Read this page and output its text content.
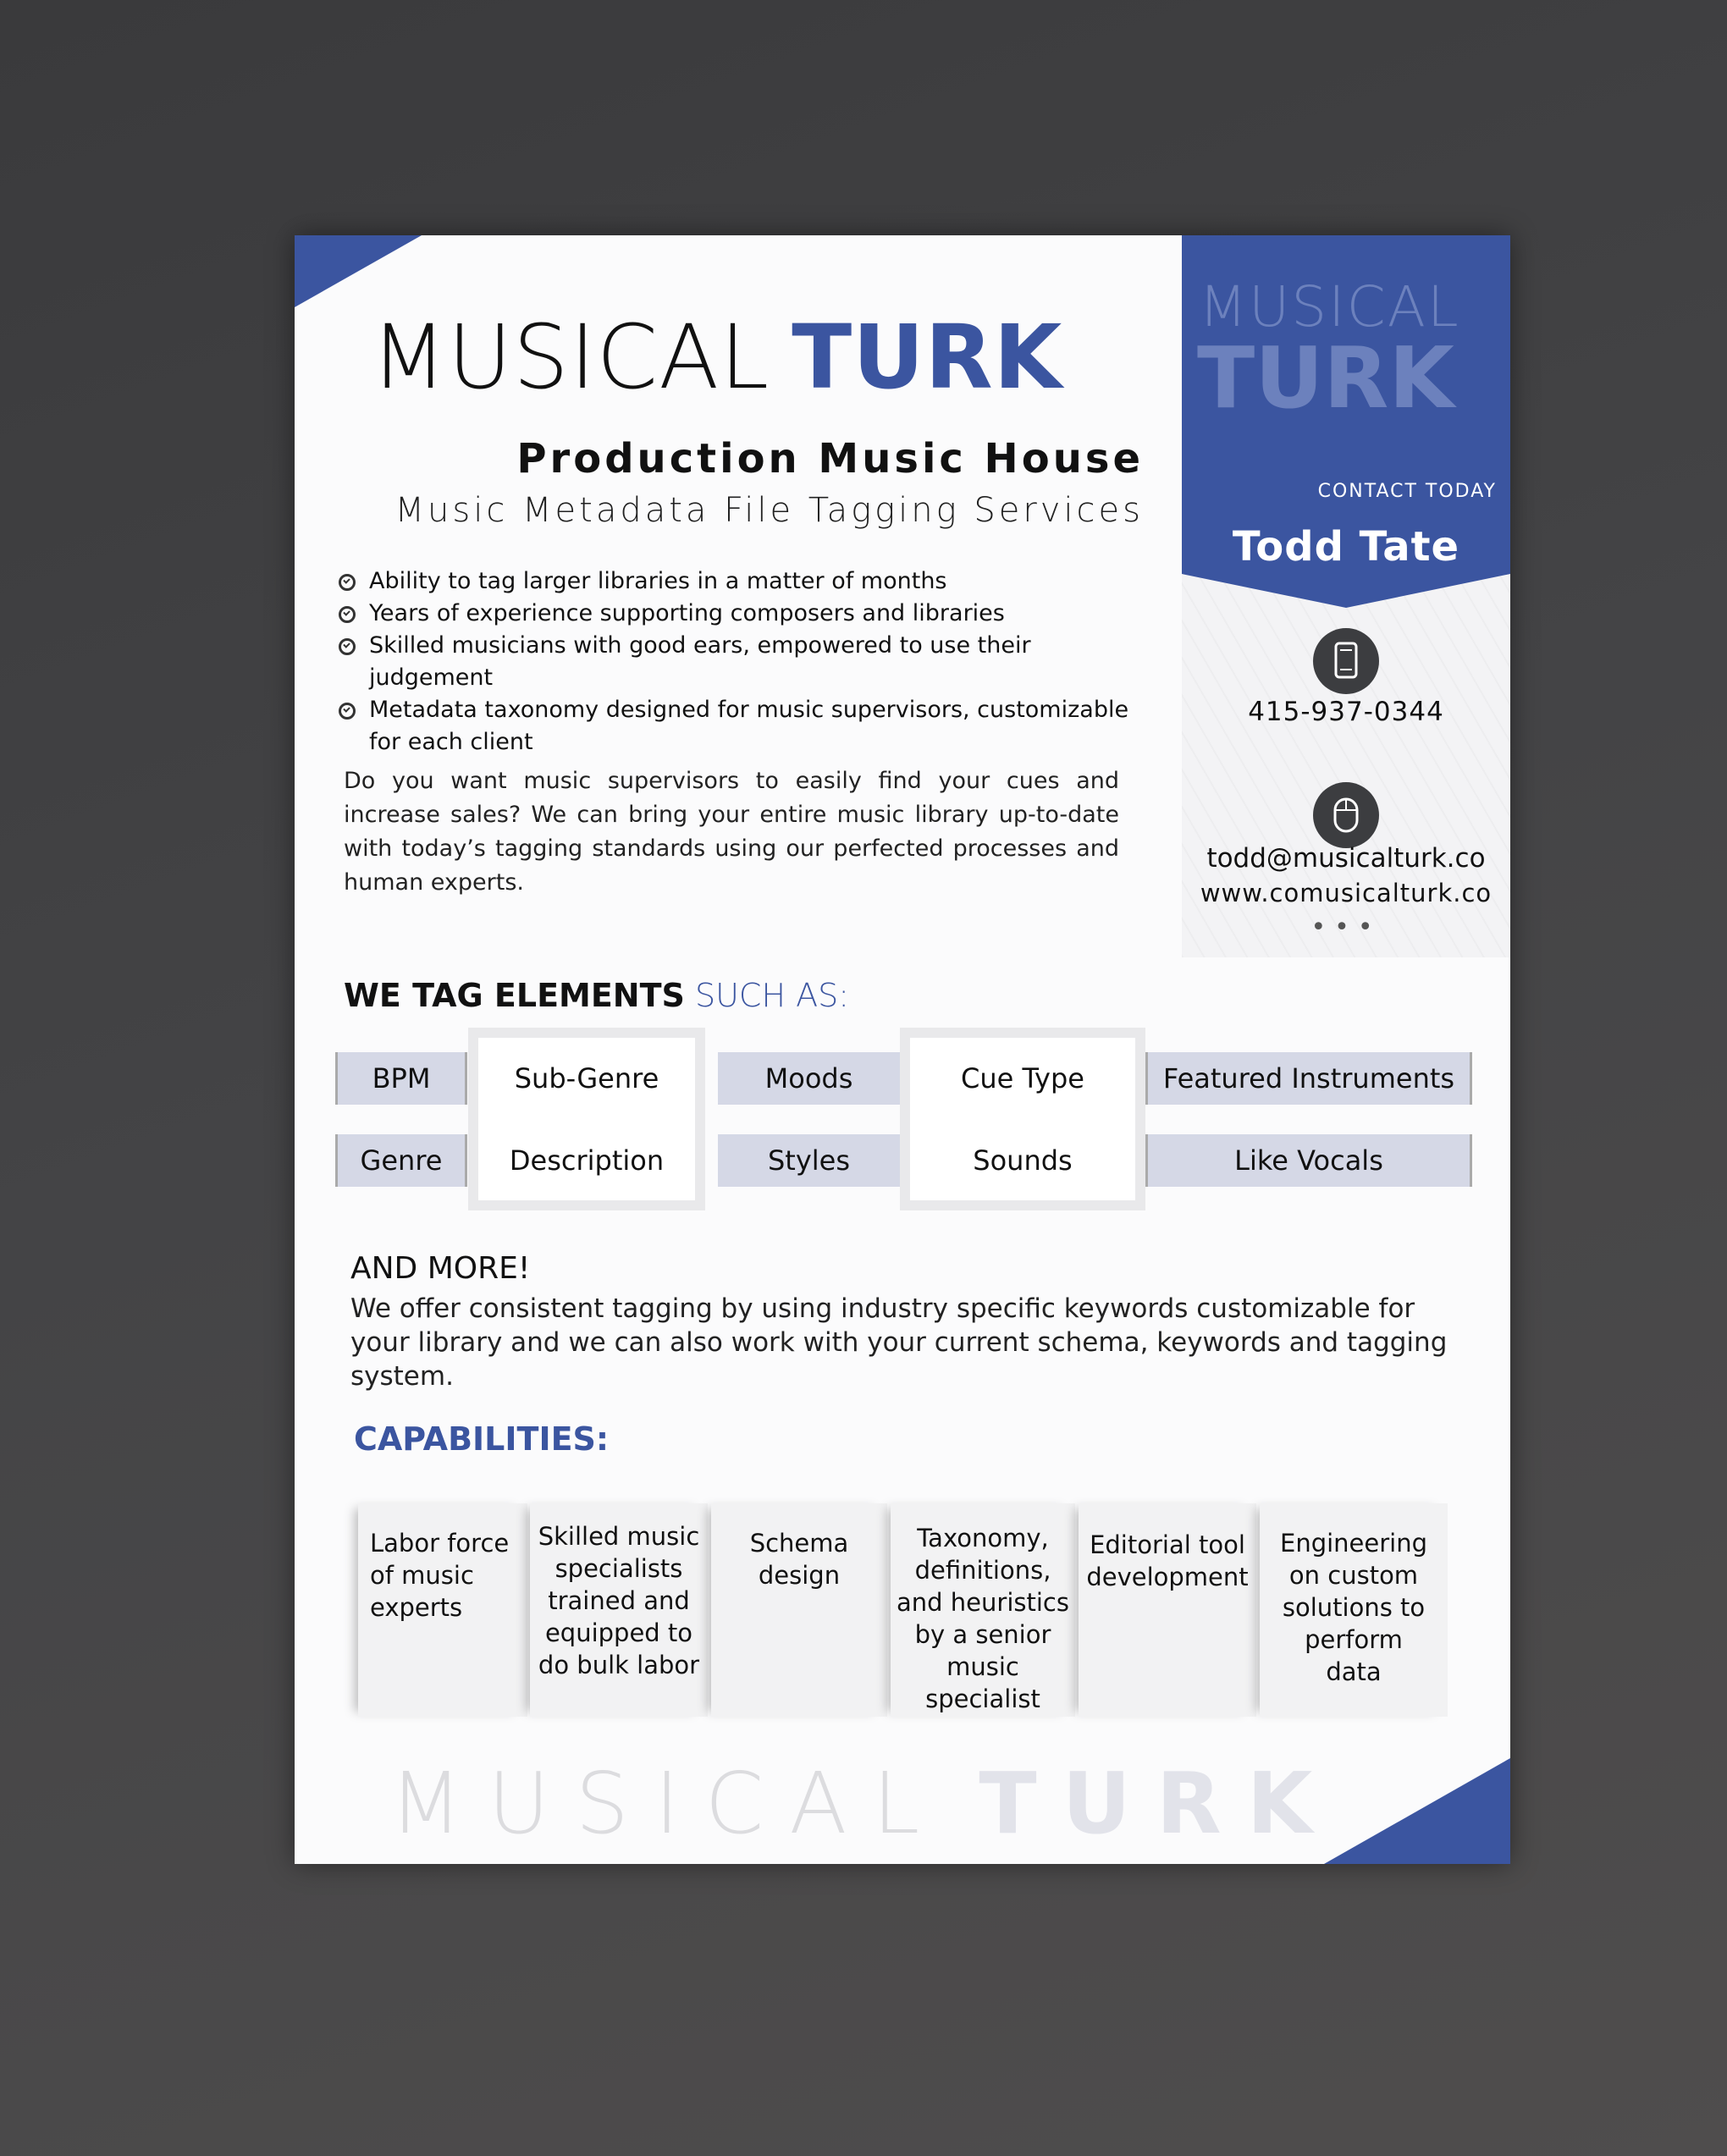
MUSICAL TURK
Production Music House
Music Metadata File Tagging Services
Ability to tag larger libraries in a matter of months
Years of experience supporting composers and libraries
Skilled musicians with good ears, empowered to use their judgement
Metadata taxonomy designed for music supervisors, customizable for each client
Do you want music supervisors to easily find your cues and increase sales? We can bring your entire music library up-to-date with today’s tagging standards using our perfected processes and human experts.
MUSICAL
TURK
CONTACT TODAY
Todd Tate
415-937-0344
todd@musicalturk.co
www.comusicalturk.co
•••
WE TAG ELEMENTS SUCH AS:
BPM	Sub-Genre	Moods	Cue Type	Featured Instruments
Genre	Description	Styles	Sounds	Like Vocals
AND MORE!
We offer consistent tagging by using industry specific keywords customizable for your library and we can also work with your current schema, keywords and tagging system.
CAPABILITIES:
Labor force of music experts
Skilled music specialists trained and equipped to do bulk labor
Schema design
Taxonomy, definitions, and heuristics by a senior music specialist
Editorial tool development
Engineering on custom solutions to perform data
MUSICAL TURK
